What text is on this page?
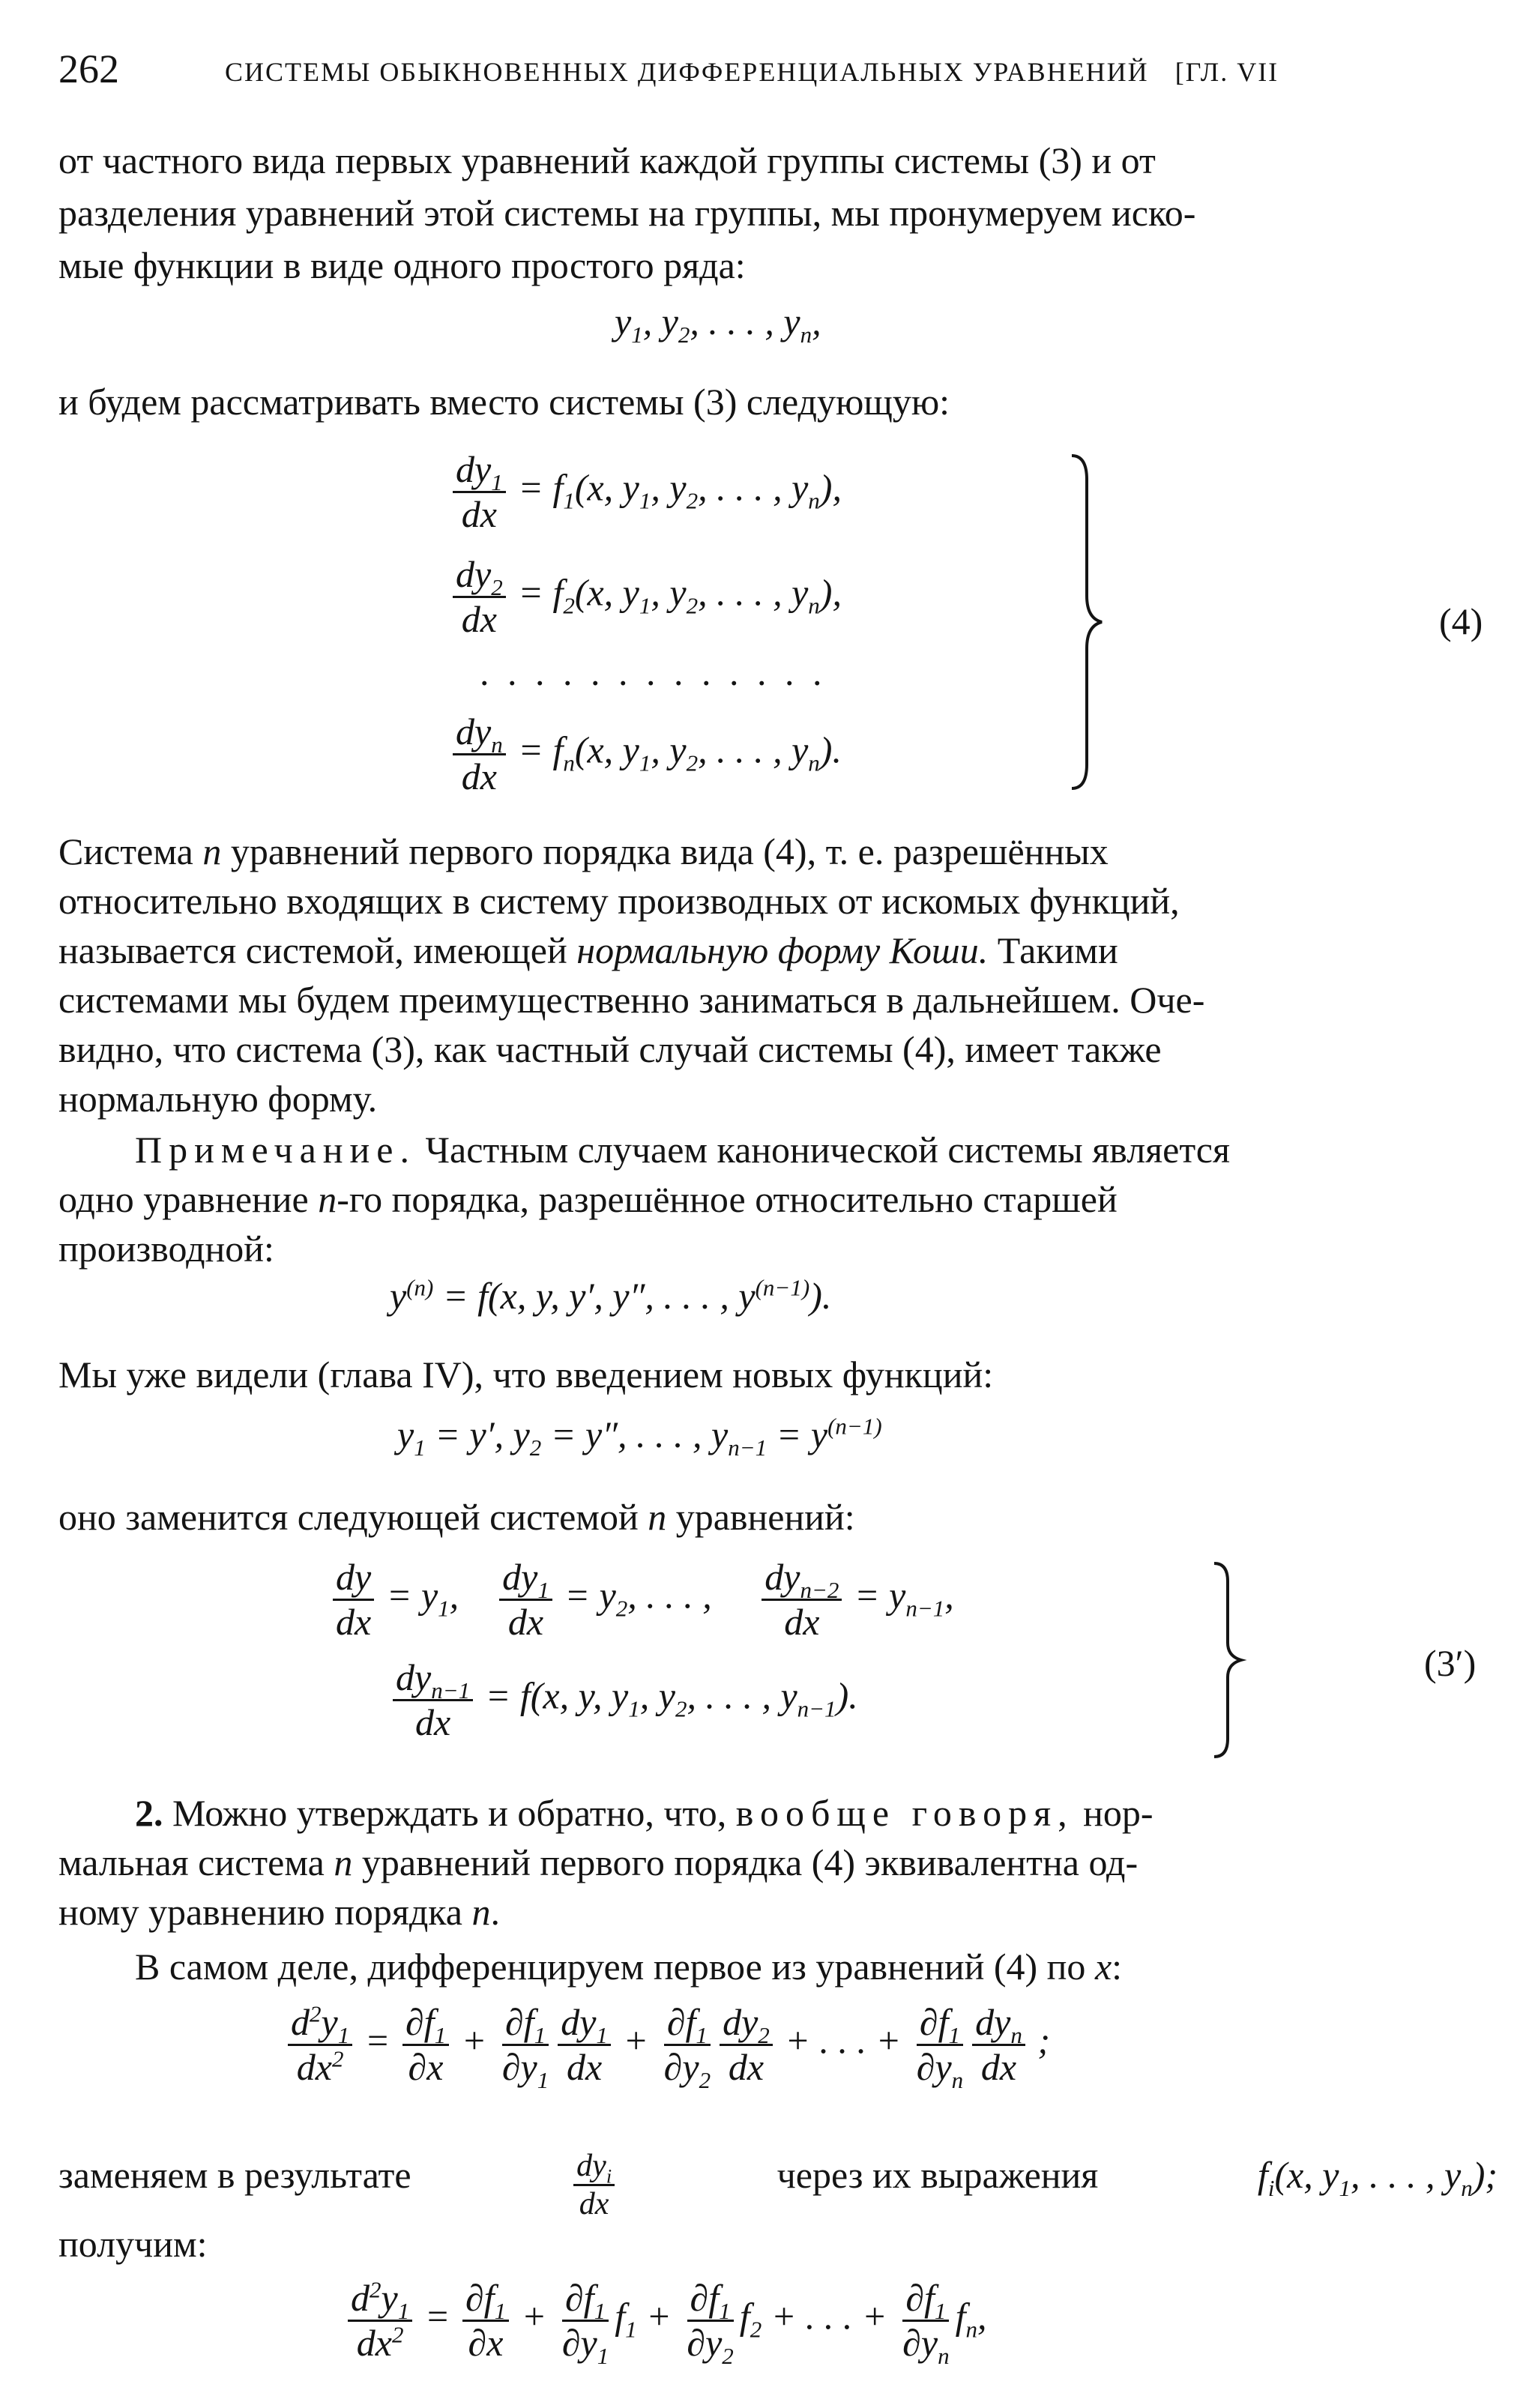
262	СИСТЕМЫ ОБЫКНОВЕННЫХ ДИФФЕРЕНЦИАЛЬНЫХ УРАВНЕНИЙ [ГЛ. VII
от частного вида первых уравнений каждой группы системы (3) и от
разделения уравнений этой системы на группы, мы пронумеруем иско-
мые функции в виде одного простого ряда:
$y_1$, $y_2$, . . . , $y_n$,
и будем рассматривать вместо системы (3) следующую:
$\frac{dy_1}{dx} = f_1(x$, $y_1$, $y_2$, . . . , $y_n$),
$\frac{dy_2}{dx} = f_2(x$, $y_1$, $y_2$, . . . , $y_n$),
. . . . . . . . . . . . .
$\frac{dy_n}{dx} = f_n(x$, $y_1$, $y_2$, . . . , $y_n$).
(4)
Система n уравнений первого порядка вида (4), т. е. разрешённых
относительно входящих в систему производных от искомых функций,
называется системой, имеющей нормальную форму Коши. Такими
системами мы будем преимущественно заниматься в дальнейшем. Оче-
видно, что система (3), как частный случай системы (4), имеет также
нормальную форму.
Примечание. Частным случаем канонической системы является
одно уравнение n-го порядка, разрешённое относительно старшей
производной:
$y^{(n)} = f(x$, y, y′, y″, . . . , $y^{(n-1)}$).
Мы уже видели (глава IV), что введением новых функций:
$y_1 = y'$, $y_2 = y''$, . . . , $y_{n-1} = y^{(n-1)}$
оно заменится следующей системой n уравнений:
$\frac{dy}{dx} = y_1$, $\frac{dy_1}{dx} = y_2$, . . . , $\frac{dy_{n-2}}{dx} = y_{n-1}$,
$\frac{dy_{n-1}}{dx} = f(x$, y, $y_1$, $y_2$, . . . , $y_{n-1}$).
(3′)
2. Можно утверждать и обратно, что, вообще говоря, нор-
мальная система n уравнений первого порядка (4) эквивалентна од-
ному уравнению порядка n.
В самом деле, дифференцируем первое из уравнений (4) по x:
$\frac{d^2y_1}{dx^2} = \frac{\partial f_1}{\partial x} + \frac{\partial f_1}{\partial y_1} \frac{dy_1}{dx} + \frac{\partial f_1}{\partial y_2} \frac{dy_2}{dx}$ + . . . + $\frac{\partial f_1}{\partial y_n} \frac{dy_n}{dx}$ ;
заменяем в результате	$\frac{dy_i}{dx}$	через их выражения	$f_i(x$, $y_1$, . . . , $y_n$);
получим:
$\frac{d^2y_1}{dx^2} = \frac{\partial f_1}{\partial x} + \frac{\partial f_1}{\partial y_1} f_1 + \frac{\partial f_1}{\partial y_2} f_2$ + . . . + $\frac{\partial f_1}{\partial y_n} f_n$,
